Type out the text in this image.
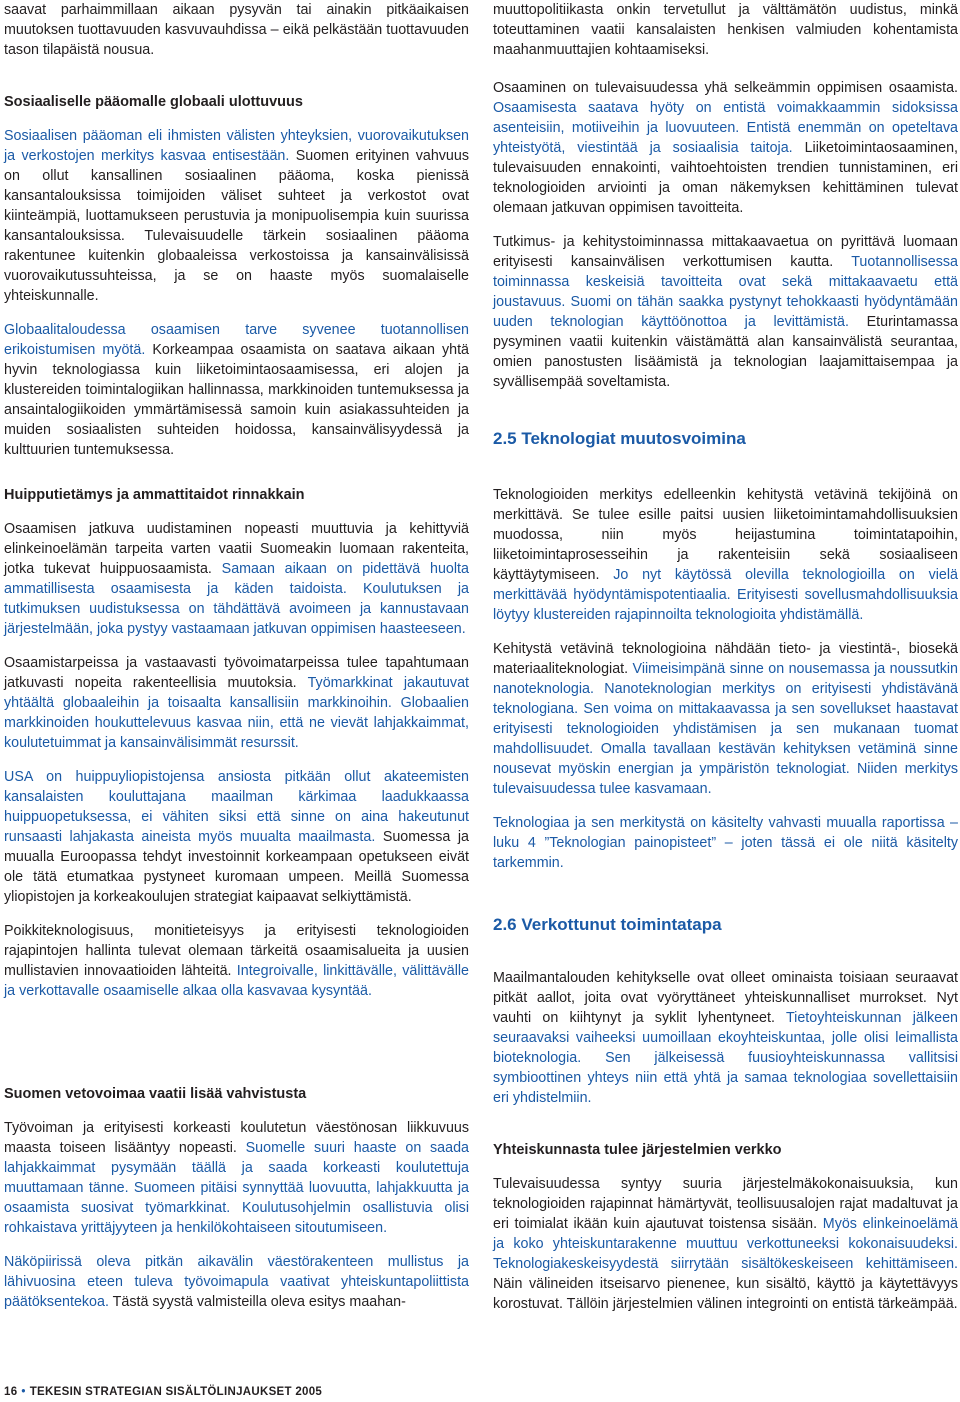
saavat parhaimmillaan aikaan pysyvän tai ainakin pitkäaikaisen muutoksen tuottavuuden kasvuvauhdissa – eikä pelkästään tuottavuuden tason tilapäistä nousua.

Sosiaaliselle pääomalle globaali ulottuvuus

Sosiaalisen pääoman eli ihmisten välisten yhteyksien, vuorovaikutuksen ja verkostojen merkitys kasvaa entisestään. Suomen erityinen vahvuus on ollut kansallinen sosiaalinen pääoma, koska pienissä kansantalouksissa toimijoiden väliset suhteet ja verkostot ovat kiinteämpiä, luottamukseen perustuvia ja monipuolisempia kuin suurissa kansantalouksissa. Tulevaisuudelle tärkein sosiaalinen pääoma rakentunee kuitenkin globaaleissa verkostoissa ja kansainvälisissä vuorovaikutussuhteissa, ja se on haaste myös suomalaiselle yhteiskunnalle.

Globaalitaloudessa osaamisen tarve syvenee tuotannollisen erikoistumisen myötä. Korkeampaa osaamista on saatava aikaan yhtä hyvin teknologiassa kuin liiketoimintaosaamisessa, eri alojen ja klustereiden toimintalogiikan hallinnassa, markkinoiden tuntemuksessa ja ansaintalogiikoiden ymmärtämisessä samoin kuin asiakassuhteiden ja muiden sosiaalisten suhteiden hoidossa, kansainvälisyydessä ja kulttuurien tuntemuksessa.

muuttopolitiikasta onkin tervetullut ja välttämätön uudistus, minkä toteuttaminen vaatii kansalaisten henkisen valmiuden kohentamista maahanmuuttajien kohtaamiseksi.

Osaaminen on tulevaisuudessa yhä selkeämmin oppimisen osaamista. Osaamisesta saatava hyöty on entistä voimakkaammin sidoksissa asenteisiin, motiiveihin ja luovuuteen. Entistä enemmän on opeteltava yhteistyötä, viestintää ja sosiaalisia taitoja. Liiketoimintaosaaminen, tulevaisuuden ennakointi, vaihtoehtoisten trendien tunnistaminen, eri teknologioiden arviointi ja oman näkemyksen kehittäminen tulevat olemaan jatkuvan oppimisen tavoitteita.

Tutkimus- ja kehitystoiminnassa mittakaavaetua on pyrittävä luomaan erityisesti kansainvälisen verkottumisen kautta. Tuotannollisessa toiminnassa keskeisiä tavoitteita ovat sekä mittakaavaetu että joustavuus. Suomi on tähän saakka pystynyt tehokkaasti hyödyntämään uuden teknologian käyttöönottoa ja levittämistä. Eturintamassa pysyminen vaatii kuitenkin väistämättä alan kansainvälistä seurantaa, omien panostusten lisäämistä ja teknologian laajamittaisempaa ja syvällisempää soveltamista.

2.5 Teknologiat muutosvoimina
Huipputietämys ja ammattitaidot rinnakkain

Osaamisen jatkuva uudistaminen nopeasti muuttuvia ja kehittyviä elinkeinoelämän tarpeita varten vaatii Suomeakin luomaan rakenteita, jotka tukevat huippuosaamista. Samaan aikaan on pidettävä huolta ammatillisesta osaamisesta ja käden taidoista. Koulutuksen ja tutkimuksen uudistuksessa on tähdättävä avoimeen ja kannustavaan järjestelmään, joka pystyy vastaamaan jatkuvan oppimisen haasteeseen.

Osaamistarpeissa ja vastaavasti työvoimatarpeissa tulee tapahtumaan jatkuvasti nopeita rakenteellisia muutoksia. Työmarkkinat jakautuvat yhtäältä globaaleihin ja toisaalta kansallisiin markkinoihin. Globaalien markkinoiden houkuttelevuus kasvaa niin, että ne vievät lahjakkaimmat, koulutetuimmat ja kansainvälisimmät resurssit.

USA on huippuyliopistojensa ansiosta pitkään ollut akateemisten kansalaisten kouluttajana maailman kärkimaa laadukkaassa huippuopetuksessa, ei vähiten siksi että sinne on aina hakeutunut runsaasti lahjakasta aineista myös muualta maailmasta. Suomessa ja muualla Euroopassa tehdyt investoinnit korkeampaan opetukseen eivät ole tätä etumatkaa pystyneet kuromaan umpeen. Meillä Suomessa yliopistojen ja korkeakoulujen strategiat kaipaavat selkiyttämistä.

Poikkiteknologisuus, monitieteisyys ja erityisesti teknologioiden rajapintojen hallinta tulevat olemaan tärkeitä osaamisalueita ja uusien mullistavien innovaatioiden lähteitä. Integroivalle, linkittävälle, välittävälle ja verkottavalle osaamiselle alkaa olla kasvavaa kysyntää.

Suomen vetovoimaa vaatii lisää vahvistusta

Työvoiman ja erityisesti korkeasti koulutetun väestönosan liikkuvuus maasta toiseen lisääntyy nopeasti. Suomelle suuri haaste on saada lahjakkaimmat pysymään täällä ja saada korkeasti koulutettuja muuttamaan tänne. Suomeen pitäisi synnyttää luovuutta, lahjakkuutta ja osaamista suosivat työmarkkinat. Koulutusohjelmin osallistuvia olisi rohkaistava yrittäjyyteen ja henkilökohtaiseen sitoutumiseen.

Näköpiirissä oleva pitkän aikavälin väestörakenteen mullistus ja lähivuosina eteen tuleva työvoimapula vaativat yhteiskuntapoliittista päätöksentekoa. Tästä syystä valmisteilla oleva esitys maahan-

Teknologioiden merkitys edelleenkin kehitystä vetävinä tekijöinä on merkittävä. Se tulee esille paitsi uusien liiketoimintamahdollisuuksien muodossa, niin myös heijastumina toimintatapoihin, liiketoimintaprosesseihin ja rakenteisiin sekä sosiaaliseen käyttäytymiseen. Jo nyt käytössä olevilla teknologioilla on vielä merkittävää hyödyntämispotentiaalia. Erityisesti sovellusmahdollisuuksia löytyy klustereiden rajapinnoilta teknologioita yhdistämällä.

Kehitystä vetävinä teknologioina nähdään tieto- ja viestintä-, biosekä materiaaliteknologiat. Viimeisimpänä sinne on nousemassa ja noussutkin nanoteknologia. Nanoteknologian merkitys on erityisesti yhdistävänä teknologiana. Sen voima on mittakaavassa ja sen sovellukset haastavat erityisesti teknologioiden yhdistämisen ja sen mukanaan tuomat mahdollisuudet. Omalla tavallaan kestävän kehityksen vetäminä sinne nousevat myöskin energian ja ympäristön teknologiat. Niiden merkitys tulevaisuudessa tulee kasvamaan.

Teknologiaa ja sen merkitystä on käsitelty vahvasti muualla raportissa – luku 4 ”Teknologian painopisteet” – joten tässä ei ole niitä käsitelty tarkemmin.

2.6 Verkottunut toimintatapa

Maailmantalouden kehitykselle ovat olleet ominaista toisiaan seuraavat pitkät aallot, joita ovat vyöryttäneet yhteiskunnalliset murrokset. Nyt vauhti on kiihtynyt ja syklit lyhentyneet. Tietoyhteiskunnan jälkeen seuraavaksi vaiheeksi uumoillaan ekoyhteiskuntaa, jolle olisi leimallista bioteknologia. Sen jälkeisessä fuusioyhteiskunnassa vallitsisi symbioottinen yhteys niin että yhtä ja samaa teknologiaa sovellettaisiin eri yhdistelmiin.

Yhteiskunnasta tulee järjestelmien verkko

Tulevaisuudessa syntyy suuria järjestelmäkokonaisuuksia, kun teknologioiden rajapinnat hämärtyvät, teollisuusalojen rajat madaltuvat ja eri toimialat ikään kuin ajautuvat toistensa sisään. Myös elinkeinoelämä ja koko yhteiskuntarakenne muuttuu verkottuneeksi kokonaisuudeksi. Teknologiakeskeisyydestä siirrytään sisältökeskeiseen kehittämiseen. Näin välineiden itseisarvo pienenee, kun sisältö, käyttö ja käytettävyys korostuvat. Tällöin järjestelmien välinen integrointi on entistä tärkeämpää.

16 • TEKESIN STRATEGIAN SISÄLTÖLINJAUKSET 2005
